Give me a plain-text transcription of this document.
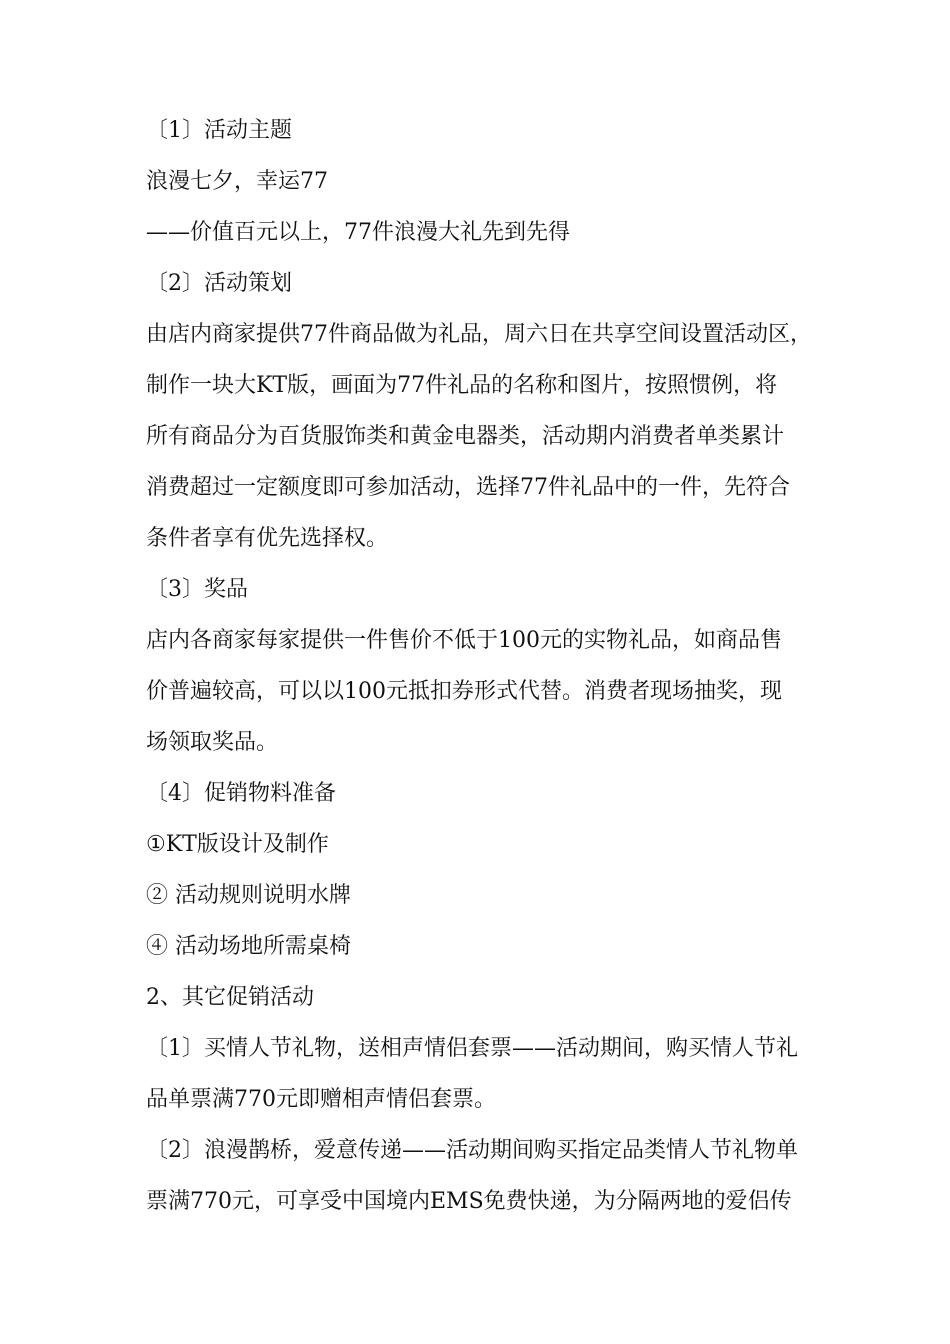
〔1〕活动主题
浪漫七夕，幸运77
——价值百元以上，77件浪漫大礼先到先得
〔2〕活动策划
由店内商家提供77件商品做为礼品，周六日在共享空间设置活动区，
制作一块大KT版，画面为77件礼品的名称和图片，按照惯例，将
所有商品分为百货服饰类和黄金电器类，活动期内消费者单类累计
消费超过一定额度即可参加活动，选择77件礼品中的一件，先符合
条件者享有优先选择权。
〔3〕奖品
店内各商家每家提供一件售价不低于100元的实物礼品，如商品售
价普遍较高，可以以100元抵扣券形式代替。消费者现场抽奖，现
场领取奖品。
〔4〕促销物料准备
①KT版设计及制作
② 活动规则说明水牌
④ 活动场地所需桌椅
2、其它促销活动
〔1〕买情人节礼物，送相声情侣套票——活动期间，购买情人节礼
品单票满770元即赠相声情侣套票。
〔2〕浪漫鹊桥，爱意传递——活动期间购买指定品类情人节礼物单
票满770元，可享受中国境内EMS免费快递，为分隔两地的爱侣传
